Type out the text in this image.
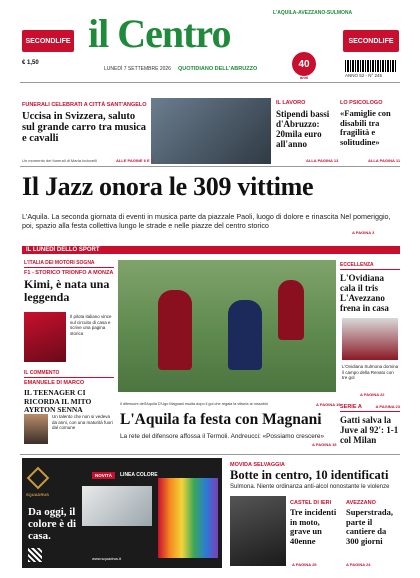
SECONDLIFE	SECONDLIFE
L'AQUILA-AVEZZANO-SULMONA
il Centro
40
anni
LUNEDÌ 7 SETTEMBRE 2026 QUOTIDIANO DELL'ABRUZZO
€ 1,50
ANNO 52 - N° 245
FUNERALI CELEBRATI A CITTÀ SANT'ANGELO
Uccisa in Svizzera, saluto sul grande carro tra musica e cavalli
Un momento dei funerali di Maria Iodovelli	ALLE PAGINE 6 E 7
IL LAVORO
Stipendi bassi d'Abruzzo: 20mila euro all'anno
ALLA PAGINA 13
LO PSICOLOGO
«Famiglie con disabili tra fragilità e solitudine»
ALLA PAGINA 11
Il Jazz onora le 309 vittime
L'Aquila. La seconda giornata di eventi in musica parte da piazzale Paoli, luogo di dolore e rinascita Nel pomeriggio, poi, spazio alla festa collettiva lungo le strade e nelle piazze del centro storico
A PAGINA 3
IL LUNEDÌ DELLO SPORT
L'ITALIA DEI MOTORI SOGNA
F1 - STORICO TRIONFO A MONZA
Kimi, è nata una leggenda
Il pilota italiano vince sul circuito di casa e scrive una pagina storica
IL COMMENTO
EMANUELE DI MARCO
IL TEENAGER CI RICORDA IL MITO AYRTON SENNA
Un talento che non si vedeva da anni, con una maturità fuori dal comune
Il difensore dell'Aquila D'Ugo Magnani esulta dopo il gol che regala la vittoria ai rossoblù	A PAGINA 19
L'Aquila fa festa con Magnani
La rete del difensore affossa il Termoli. Andreucci: «Possiamo crescere»
A PAGINA 15
ECCELLENZA
L'Ovidiana cala il tris L'Avezzano frena in casa
L'Ovidiana Sulmona domina il campo della Renato con tre gol
A PAGINA 22
SERIE A	A PAGINA 23
Gatti salva la Juve al 92': 1-1 col Milan
SQUADRUS
NOVITÀ	LINEA COLORE
Da oggi, il colore è di casa.
www.squadrus.it
MOVIDA SELVAGGIA
Botte in centro, 10 identificati
Sulmona. Niente ordinanza anti-alcol nonostante le violenze
CASTEL DI IERI
Tre incidenti in moto, grave un 40enne
A PAGINA 25
AVEZZANO
Superstrada, parte il cantiere da 300 giorni
A PAGINA 24
